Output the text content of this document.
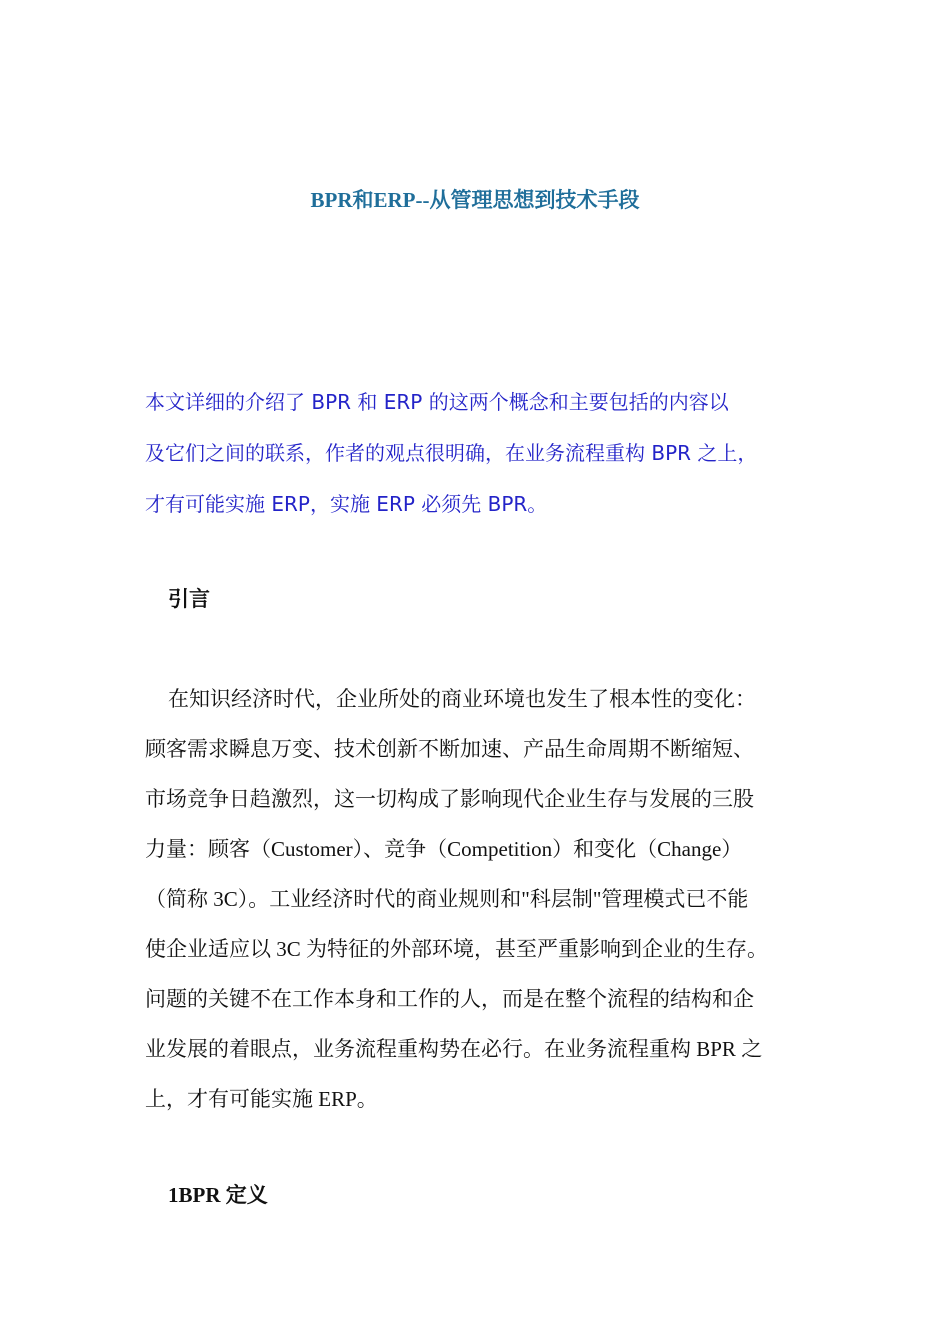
BPR和ERP--从管理思想到技术手段
本文详细的介绍了 BPR 和 ERP 的这两个概念和主要包括的内容以
及它们之间的联系，作者的观点很明确，在业务流程重构 BPR 之上，
才有可能实施 ERP，实施 ERP 必须先 BPR。
引言
在知识经济时代，企业所处的商业环境也发生了根本性的变化：
顾客需求瞬息万变、技术创新不断加速、产品生命周期不断缩短、
市场竞争日趋激烈，这一切构成了影响现代企业生存与发展的三股
力量：顾客（Customer）、竞争（Competition）和变化（Change）
（简称 3C）。工业经济时代的商业规则和"科层制"管理模式已不能
使企业适应以 3C 为特征的外部环境，甚至严重影响到企业的生存。
问题的关键不在工作本身和工作的人，而是在整个流程的结构和企
业发展的着眼点，业务流程重构势在必行。在业务流程重构 BPR 之
上，才有可能实施 ERP。
1BPR 定义
